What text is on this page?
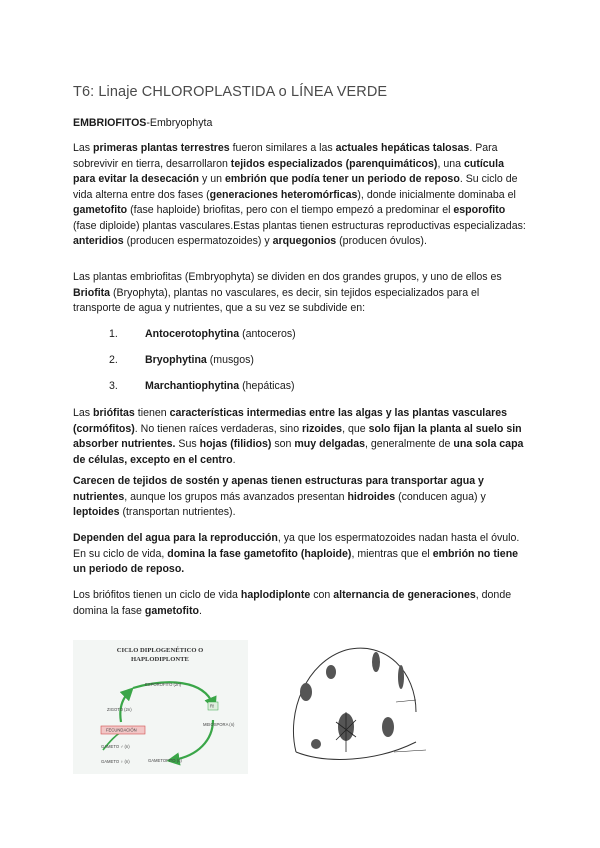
T6: Linaje CHLOROPLASTIDA o LÍNEA VERDE

EMBRIOFITOS-Embryophyta

Las primeras plantas terrestres fueron similares a las actuales hepáticas talosas. Para sobrevivir en tierra, desarrollaron tejidos especializados (parenquimáticos), una cutícula para evitar la desecación y un embrión que podía tener un periodo de reposo. Su ciclo de vida alterna entre dos fases (generaciones heteromórficas), donde inicialmente dominaba el gametofito (fase haploide) briofitas, pero con el tiempo empezó a predominar el esporofito (fase diploide) plantas vasculares.Estas plantas tienen estructuras reproductivas especializadas: anteridios (producen espermatozoides) y arquegonios (producen óvulos).

Las plantas embriofitas (Embryophyta) se dividen en dos grandes grupos, y uno de ellos es Briofita (Bryophyta), plantas no vasculares, es decir, sin tejidos especializados para el transporte de agua y nutrientes, que a su vez se subdivide en:

1.	Antocerotophytina (antoceros)
2.	Bryophytina (musgos)
3.	Marchantiophytina (hepáticas)

Las briófitas tienen características intermedias entre las algas y las plantas vasculares (cormófitos). No tienen raíces verdaderas, sino rizoides, que solo fijan la planta al suelo sin absorber nutrientes. Sus hojas (filidios) son muy delgadas, generalmente de una sola capa de células, excepto en el centro.

Carecen de tejidos de sostén y apenas tienen estructuras para transportar agua y nutrientes, aunque los grupos más avanzados presentan hidroides (conducen agua) y leptoides (transportan nutrientes).

Dependen del agua para la reproducción, ya que los espermatozoides nadan hasta el óvulo. En su ciclo de vida, domina la fase gametofito (haploide), mientras que el embrión no tiene un periodo de reposo.

Los briófitos tienen un ciclo de vida haplodiplonte con alternancia de generaciones, donde domina la fase gametofito.

CICLO DIPLOGENÉTICO O
HAPLODIPLONTE
ESPOROFITO (2n)
ZIGOTO (2n)
FECUNDACIÓN
R!
MEIOSPORA (n)
GAMETO ♂ (n)
GAMETO ♀ (n)	GAMETOFITO (n)
